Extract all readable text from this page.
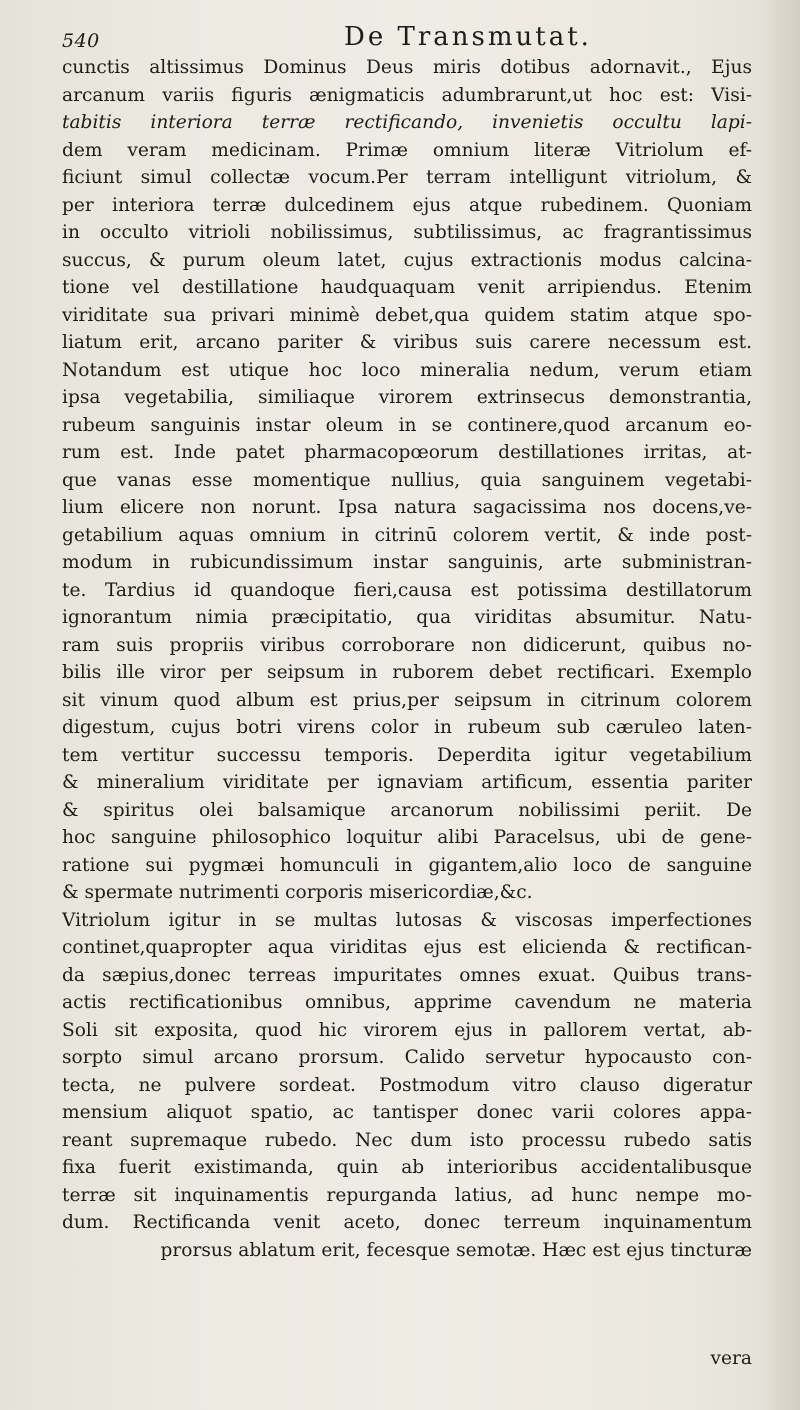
540	De Transmutat.
cunctis altissimus Dominus Deus miris dotibus adornavit., Ejus
arcanum variis figuris ænigmaticis adumbrarunt,ut hoc est: Visi-
tabitis interiora terræ rectificando, invenietis occultu lapi-
dem veram medicinam. Primæ omnium literæ Vitriolum ef-
ficiunt simul collectæ vocum.Per terram intelligunt vitriolum, &
per interiora terræ dulcedinem ejus atque rubedinem. Quoniam
in occulto vitrioli nobilissimus, subtilissimus, ac fragrantissimus
succus, & purum oleum latet, cujus extractionis modus calcina-
tione vel destillatione haudquaquam venit arripiendus. Etenim
viriditate sua privari minimè debet,qua quidem statim atque spo-
liatum erit, arcano pariter & viribus suis carere necessum est.
Notandum est utique hoc loco mineralia nedum, verum etiam
ipsa vegetabilia, similiaque virorem extrinsecus demonstrantia,
rubeum sanguinis instar oleum in se continere,quod arcanum eo-
rum est. Inde patet pharmacopœorum destillationes irritas, at-
que vanas esse momentique nullius, quia sanguinem vegetabi-
lium elicere non norunt. Ipsa natura sagacissima nos docens,ve-
getabilium aquas omnium in citrinū colorem vertit, & inde post-
modum in rubicundissimum instar sanguinis, arte subministran-
te. Tardius id quandoque fieri,causa est potissima destillatorum
ignorantum nimia præcipitatio, qua viriditas absumitur. Natu-
ram suis propriis viribus corroborare non didicerunt, quibus no-
bilis ille viror per seipsum in ruborem debet rectificari. Exemplo
sit vinum quod album est prius,per seipsum in citrinum colorem
digestum, cujus botri virens color in rubeum sub cæruleo laten-
tem vertitur successu temporis. Deperdita igitur vegetabilium
& mineralium viriditate per ignaviam artificum, essentia pariter
& spiritus olei balsamique arcanorum nobilissimi periit. De
hoc sanguine philosophico loquitur alibi Paracelsus, ubi de gene-
ratione sui pygmæi homunculi in gigantem,alio loco de sanguine
& spermate nutrimenti corporis mi​sericordiæ,&c.
Vitriolum igitur in se multas lutosas & viscosas imperfectiones
continet,quapropter aqua viriditas ejus est elicienda & rectifican-
da sæpius,donec terreas impuritates omnes exuat. Quibus trans-
actis rectificationibus omnibus, apprime cavendum ne materia
Soli sit exposita, quod hic virorem ejus in pallorem vertat, ab-
sorpto simul arcano prorsum. Calido servetur hypocausto con-
tecta, ne pulvere sordeat. Postmodum vitro clauso digeratur
mensium aliquot spatio, ac tantisper donec varii colores appa-
reant supremaque rubedo. Nec dum isto processu rubedo satis
fixa fuerit existimanda, quin ab interioribus accidentalibusque
terræ sit inquinamentis repurganda latius, ad hunc nempe mo-
dum. Rectificanda venit aceto, donec terreum inquinamentum
prorsus ablatum erit, fecesque semotæ. Hæc est ejus tincturæ
vera
